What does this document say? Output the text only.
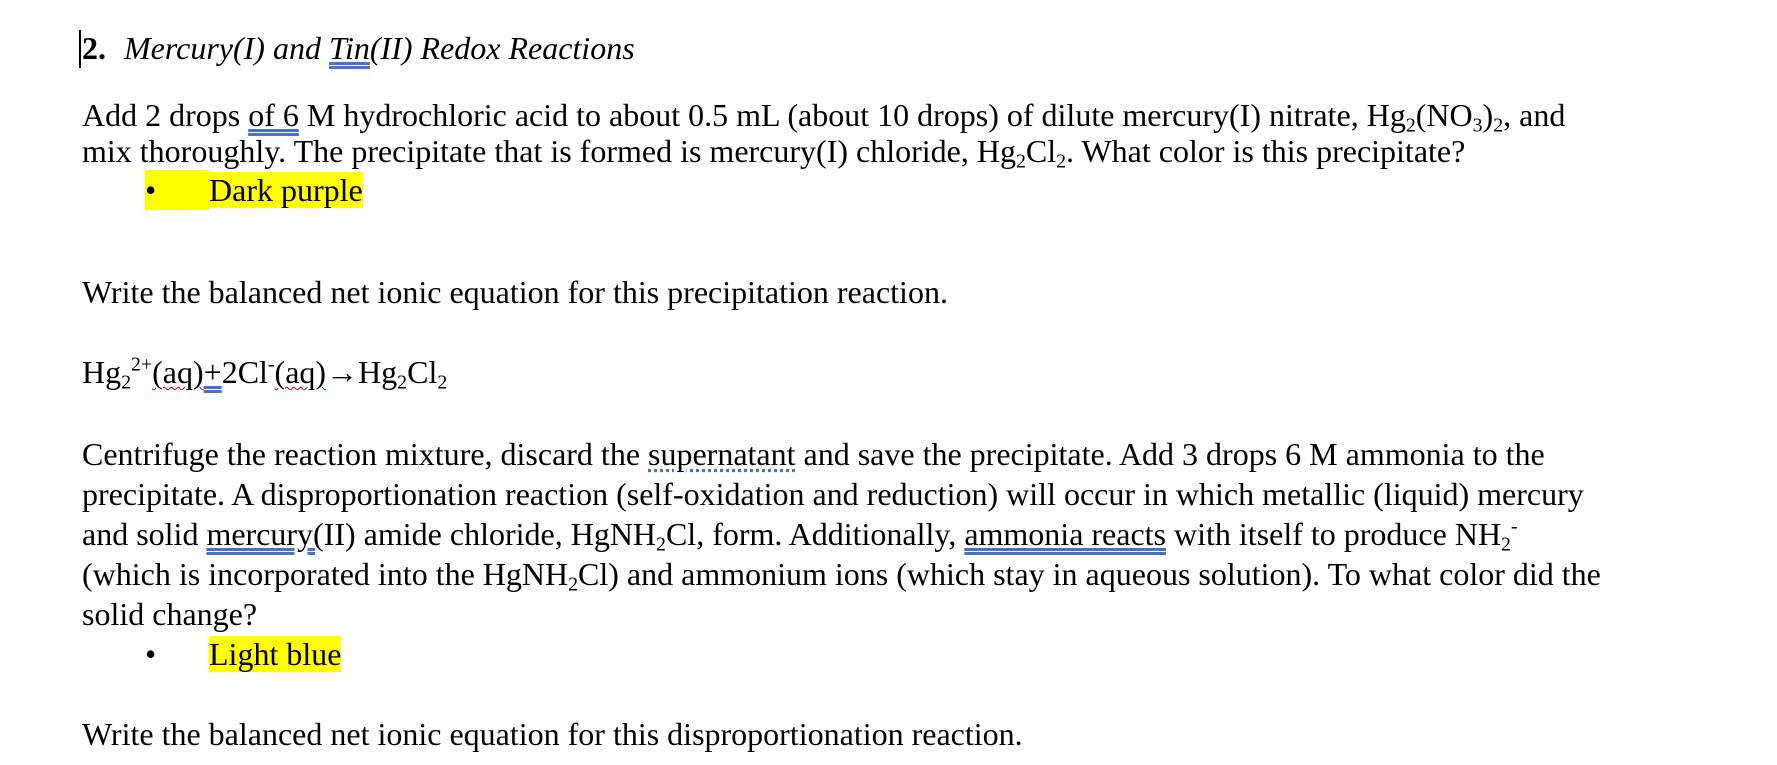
2. Mercury(I) and Tin(II) Redox Reactions
Add 2 drops of 6 M hydrochloric acid to about 0.5 mL (about 10 drops) of dilute mercury(I) nitrate, $Hg_2(NO_3)_2$, and
mix thoroughly. The precipitate that is formed is mercury(I) chloride, $Hg_2Cl_2$. What color is this precipitate?
• Dark purple
Write the balanced net ionic equation for this precipitation reaction.
$Hg_2^{2+}(aq)+2Cl^-(aq)\to Hg_2Cl_2$
Centrifuge the reaction mixture, discard the supernatant and save the precipitate. Add 3 drops 6 M ammonia to the
precipitate. A disproportionation reaction (self-oxidation and reduction) will occur in which metallic (liquid) mercury
and solid mercury(II) amide chloride, HgNH$_2$Cl, form. Additionally, ammonia reacts with itself to produce $NH_2^-$
(which is incorporated into the HgNH$_2$Cl) and ammonium ions (which stay in aqueous solution). To what color did the
solid change?
• Light blue
Write the balanced net ionic equation for this disproportionation reaction.
